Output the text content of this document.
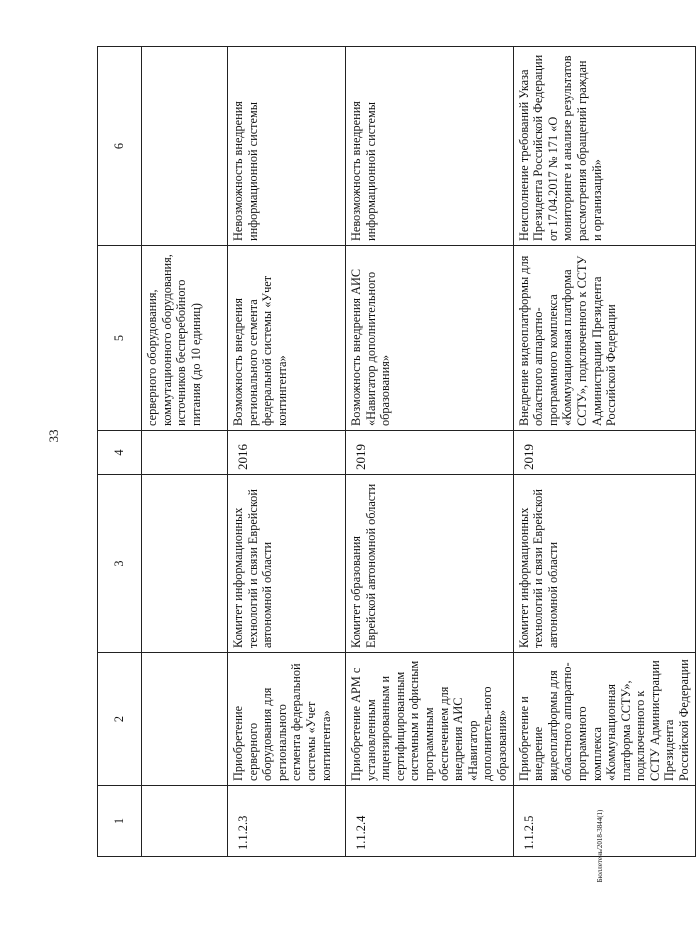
33
Бюллетень/2018-3844(1)
1	2	3	4	5	6
				серверного оборудования, коммутационного оборудования, источников бесперебойного питания (до 10 единиц)	
1.1.2.3	Приобретение серверного оборудования для регионального сегмента федеральной системы «Учет контингента»	Комитет информационных технологий и связи Еврейской автономной области	2016	Возможность внедрения регионального сегмента федеральной системы «Учет контингента»	Невозможность внедрения информационной системы
1.1.2.4	Приобретение АРМ с установленным лицензированным и сертифицированным системным и офисным программным обеспечением для внедрения АИС «Навигатор дополнитель-ного образования»	Комитет образования Еврейской автономной области	2019	Возможность внедрения АИС «Навигатор дополнительного образования»	Невозможность внедрения информационной системы
1.1.2.5	Приобретение и внедрение видеоплатформы для областного аппаратно-программного комплекса «Коммунационная платформа ССТУ», подключенного к ССТУ Администрации Президента Российской Федерации	Комитет информационных технологий и связи Еврейской автономной области	2019	Внедрение видеоплатформы для областного аппаратно-программного комплекса «Коммунационная платформа ССТУ», подключенного к ССТУ Администрации Президента Российской Федерации	Неисполнение требований Указа Президента Российской Федерации от 17.04.2017 № 171 «О мониторинге и анализе результатов рассмотрения обращений граждан и организаций»
